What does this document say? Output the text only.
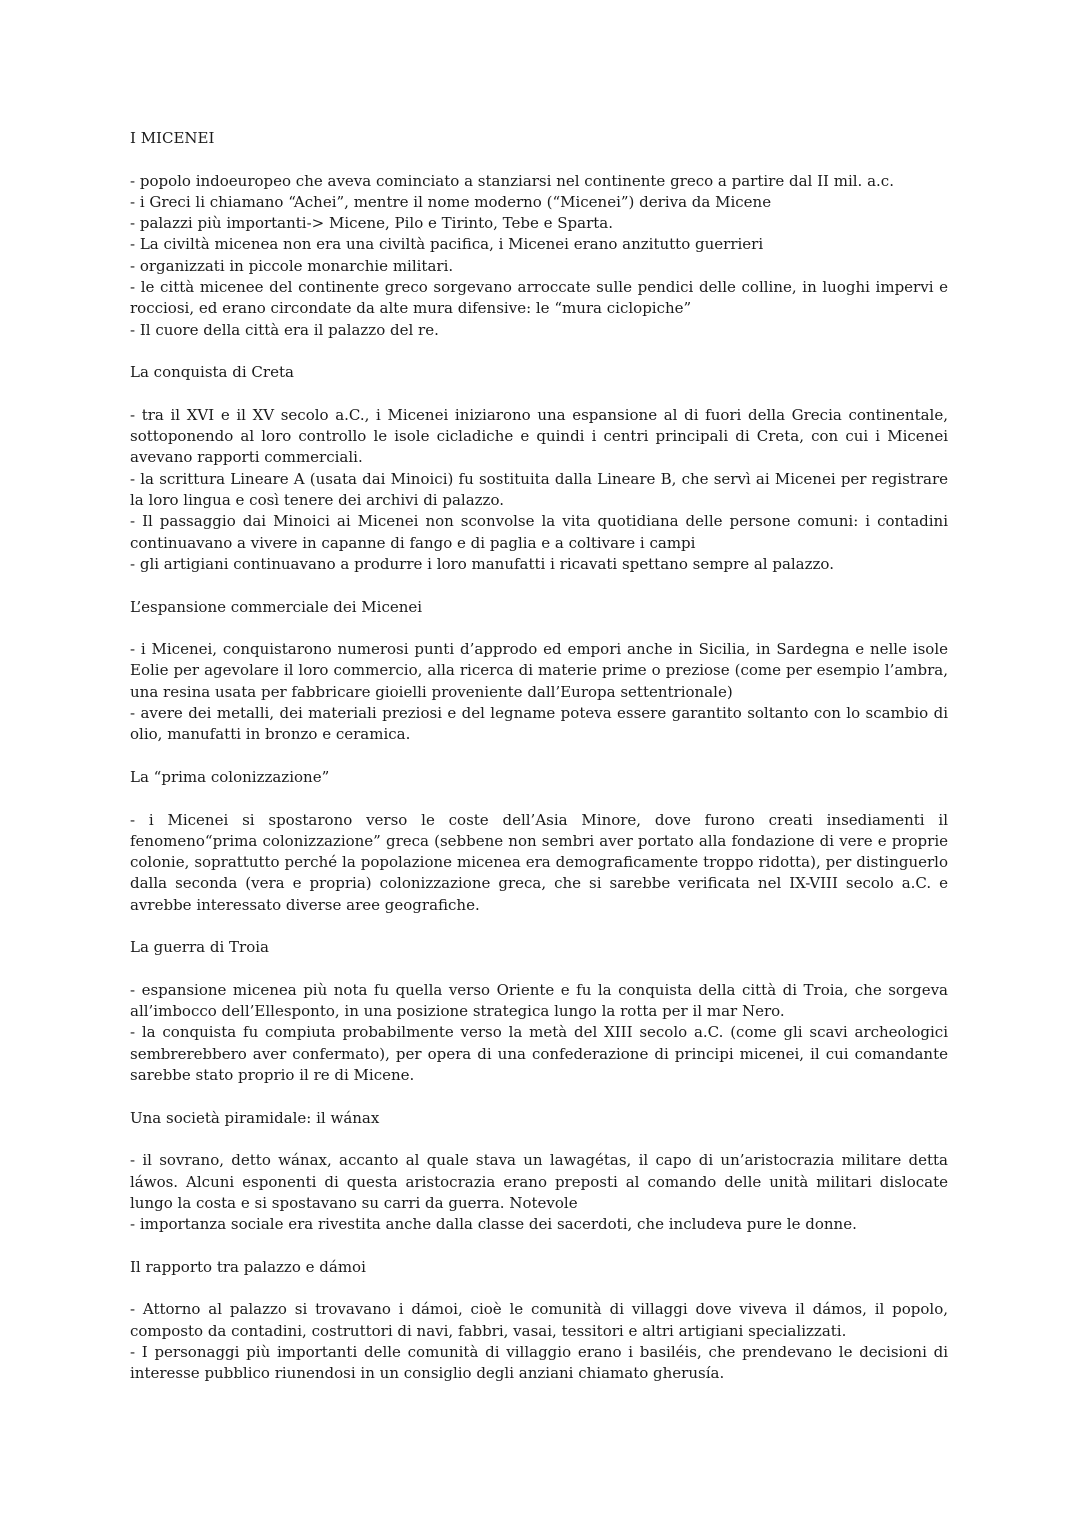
I MICENEI

- popolo indoeuropeo che aveva cominciato a stanziarsi nel continente greco a partire dal II mil. a.c.

- i Greci li chiamano “Achei”, mentre il nome moderno (“Micenei”) deriva da Micene

- palazzi più importanti-> Micene, Pilo e Tirinto, Tebe e Sparta.

- La civiltà micenea non era una civiltà pacifica, i Micenei erano anzitutto guerrieri

- organizzati in piccole monarchie militari.

- le città micenee del continente greco sorgevano arroccate sulle pendici delle colline, in luoghi impervi e rocciosi, ed erano circondate da alte mura difensive: le “mura ciclopiche”

- Il cuore della città era il palazzo del re.

La conquista di Creta

- tra il XVI e il XV secolo a.C., i Micenei iniziarono una espansione al di fuori della Grecia continentale, sottoponendo al loro controllo le isole cicladiche e quindi i centri principali di Creta, con cui i Micenei avevano rapporti commerciali.

- la scrittura Lineare A (usata dai Minoici) fu sostituita dalla Lineare B, che servì ai Micenei per registrare la loro lingua e così tenere dei archivi di palazzo.

- Il passaggio dai Minoici ai Micenei non sconvolse la vita quotidiana delle persone comuni: i contadini continuavano a vivere in capanne di fango e di paglia e a coltivare i campi

- gli artigiani continuavano a produrre i loro manufatti i ricavati spettano sempre al palazzo.

L’espansione commerciale dei Micenei

- i Micenei, conquistarono numerosi punti d’approdo ed empori anche in Sicilia, in Sardegna e nelle isole Eolie per agevolare il loro commercio, alla ricerca di materie prime o preziose (come per esempio l’ambra, una resina usata per fabbricare gioielli proveniente dall’Europa settentrionale)

- avere dei metalli, dei materiali preziosi e del legname poteva essere garantito soltanto con lo scambio di olio, manufatti in bronzo e ceramica.

La “prima colonizzazione”

- i Micenei si spostarono verso le coste dell’Asia Minore, dove furono creati insediamenti il fenomeno“prima colonizzazione” greca (sebbene non sembri aver portato alla fondazione di vere e proprie colonie, soprattutto perché la popolazione micenea era demograficamente troppo ridotta), per distinguerlo dalla seconda (vera e propria) colonizzazione greca, che si sarebbe verificata nel IX-VIII secolo a.C. e avrebbe interessato diverse aree geografiche.

La guerra di Troia

- espansione micenea più nota fu quella verso Oriente e fu la conquista della città di Troia, che sorgeva all’imbocco dell’Ellesponto, in una posizione strategica lungo la rotta per il mar Nero.

- la conquista fu compiuta probabilmente verso la metà del XIII secolo a.C. (come gli scavi archeologici sembrerebbero aver confermato), per opera di una confederazione di principi micenei, il cui comandante sarebbe stato proprio il re di Micene.

Una società piramidale: il wánax

- il sovrano, detto wánax, accanto al quale stava un lawagétas, il capo di un’aristocrazia militare detta láwos. Alcuni esponenti di questa aristocrazia erano preposti al comando delle unità militari dislocate lungo la costa e si spostavano su carri da guerra. Notevole

- importanza sociale era rivestita anche dalla classe dei sacerdoti, che includeva pure le donne.

Il rapporto tra palazzo e dámoi

- Attorno al palazzo si trovavano i dámoi, cioè le comunità di villaggi dove viveva il dámos, il popolo, composto da contadini, costruttori di navi, fabbri, vasai, tessitori e altri artigiani specializzati.

- I personaggi più importanti delle comunità di villaggio erano i basiléis, che prendevano le decisioni di interesse pubblico riunendosi in un consiglio degli anziani chiamato gherusía.
